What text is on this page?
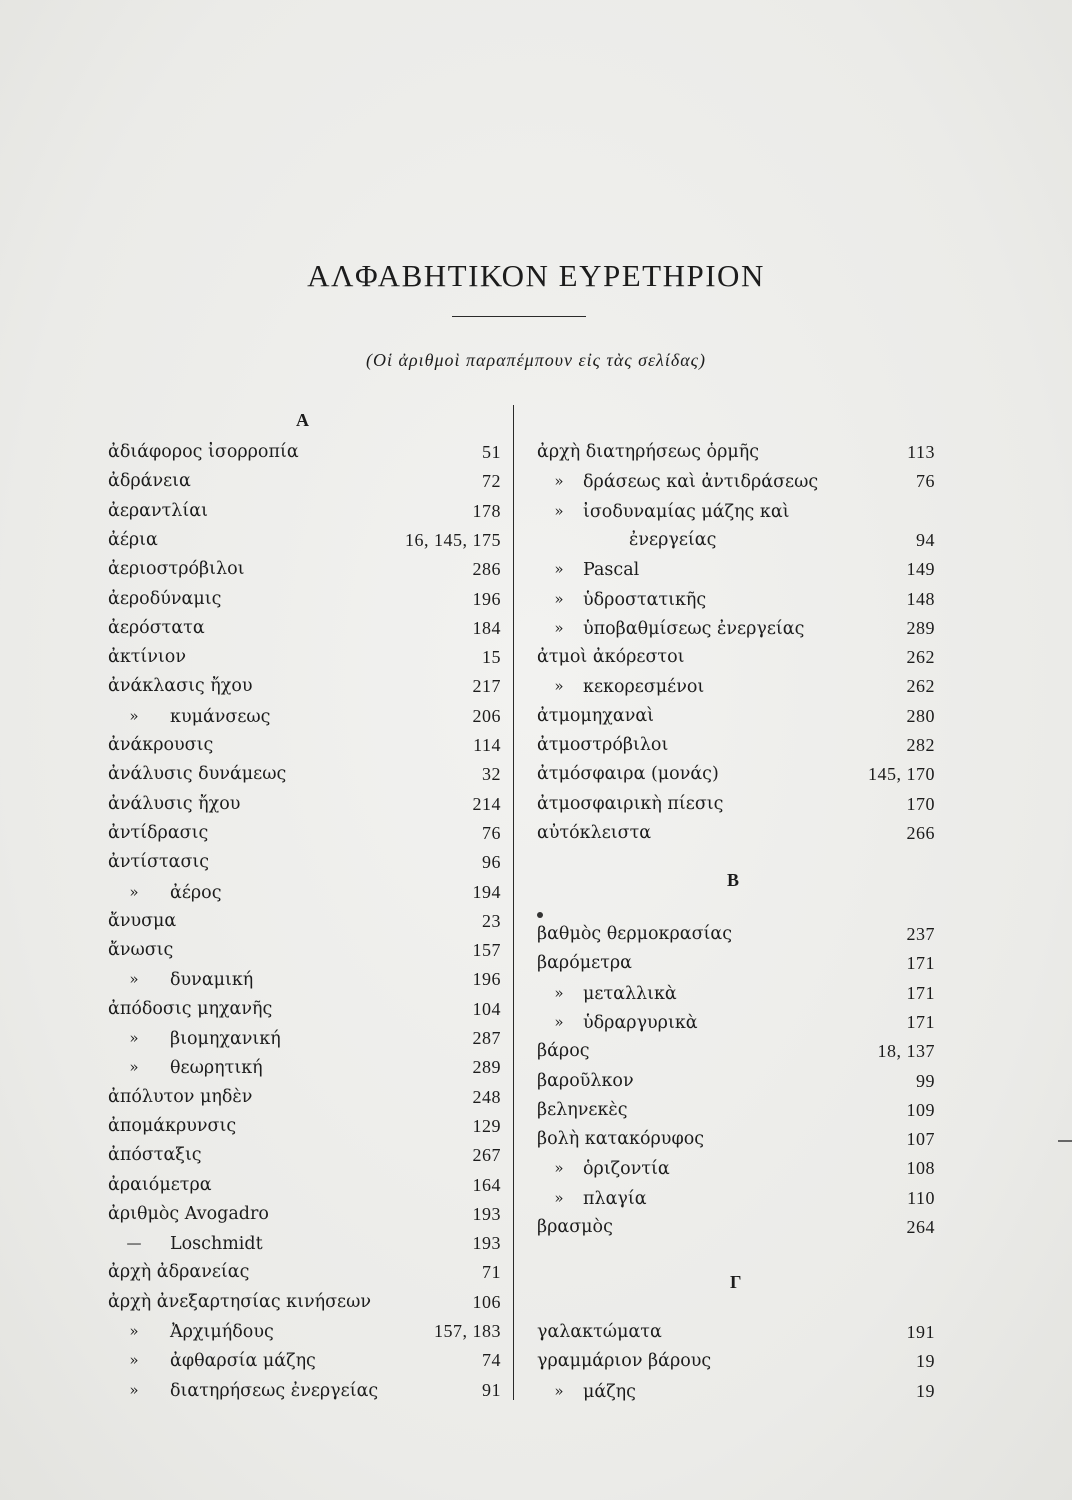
ΑΛΦΑΒΗΤΙΚΟΝ ΕΥΡΕΤΗΡΙΟΝ
(Οἱ ἀριθμοὶ παραπέμπουν εἰς τὰς σελίδας)
Α
ἀδιάφορος ἰσορροπία	51
ἀδράνεια	72
ἀεραντλίαι	178
ἀέρια	16, 145, 175
ἀεριοστρόβιλοι	286
ἀεροδύναμις	196
ἀερόστατα	184
ἀκτίνιον	15
ἀνάκλασις ἤχου	217
» κυμάνσεως	206
ἀνάκρουσις	114
ἀνάλυσις δυνάμεως	32
ἀνάλυσις ἤχου	214
ἀντίδρασις	76
ἀντίστασις	96
» ἀέρος	194
ἄνυσμα	23
ἄνωσις	157
» δυναμική	196
ἀπόδοσις μηχανῆς	104
» βιομηχανική	287
» θεωρητική	289
ἀπόλυτον μηδὲν	248
ἀπομάκρυνσις	129
ἀπόσταξις	267
ἀραιόμετρα	164
ἀριθμὸς Avogadro	193
— Loschmidt	193
ἀρχὴ ἀδρανείας	71
ἀρχὴ ἀνεξαρτησίας κινήσεων	106
» Ἀρχιμήδους	157, 183
» ἀφθαρσία μάζης	74
» διατηρήσεως ἐνεργείας	91
ἀρχὴ διατηρήσεως ὁρμῆς	113
» δράσεως καὶ ἀντιδράσεως	76
» ἰσοδυναμίας μάζης καὶ
ἐνεργείας	94
» Pascal	149
» ὑδροστατικῆς	148
» ὑποβαθμίσεως ἐνεργείας	289
ἀτμοὶ ἀκόρεστοι	262
» κεκορεσμένοι	262
ἀτμομηχαναὶ	280
ἀτμοστρόβιλοι	282
ἀτμόσφαιρα (μονάς)	145, 170
ἀτμοσφαιρικὴ πίεσις	170
αὐτόκλειστα	266
βαθμὸς θερμοκρασίας	237
βαρόμετρα	171
» μεταλλικὰ	171
» ὑδραργυρικὰ	171
βάρος	18, 137
βαροῦλκον	99
βεληνεκὲς	109
βολὴ κατακόρυφος	107
» ὁριζοντία	108
» πλαγία	110
βρασμὸς	264
γαλακτώματα	191
γραμμάριον βάρους	19
» μάζης	19
Β
Γ
